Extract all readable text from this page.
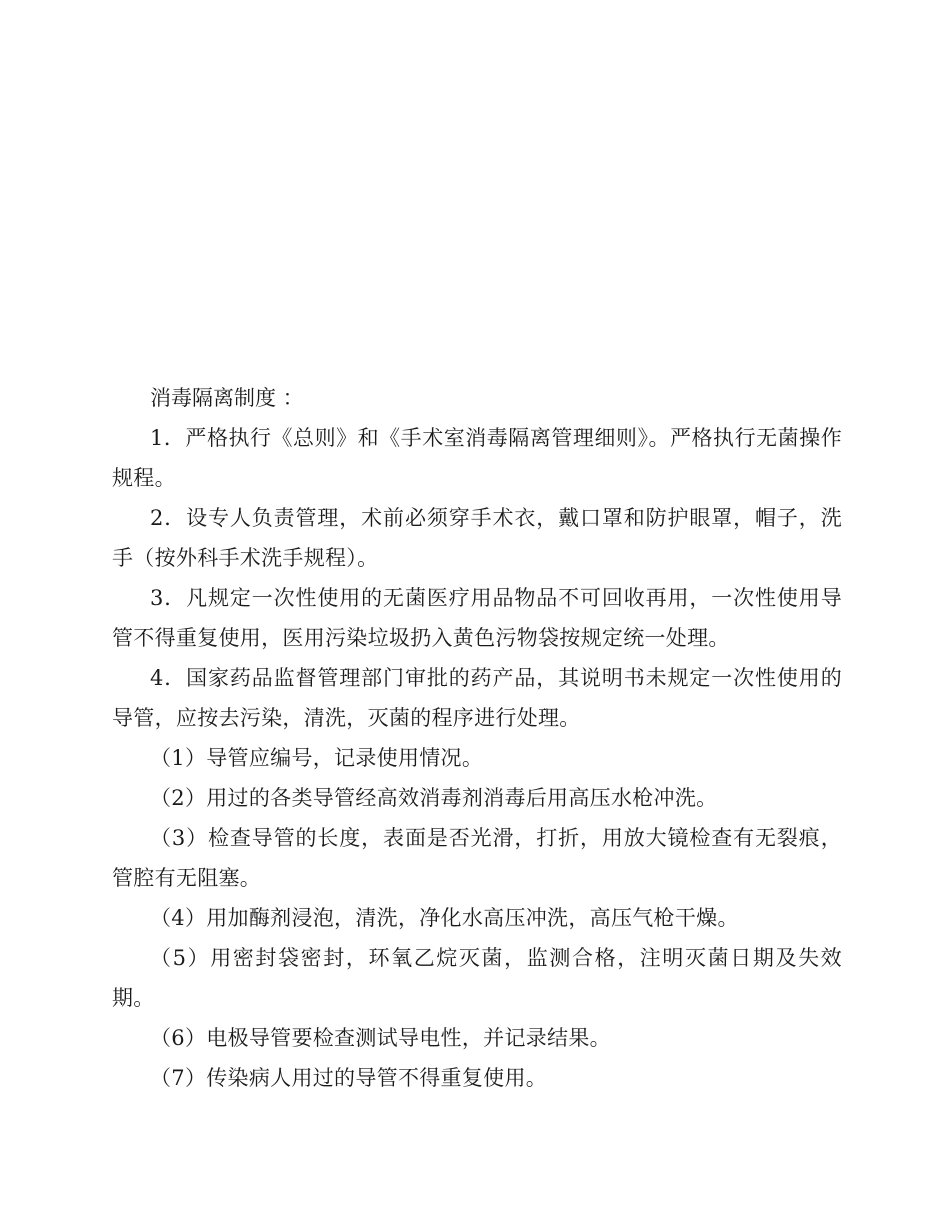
消毒隔离制度 ：

1．严格执行《总则》和《手术室消毒隔离管理细则》。严格执行无菌操作规程。

2．设专人负责管理，术前必须穿手术衣，戴口罩和防护眼罩，帽子，洗手（按外科手术洗手规程）。

3．凡规定一次性使用的无菌医疗用品物品不可回收再用，一次性使用导管不得重复使用，医用污染垃圾扔入黄色污物袋按规定统一处理。

4．国家药品监督管理部门审批的药产品，其说明书未规定一次性使用的导管，应按去污染，清洗，灭菌的程序进行处理。

（1）导管应编号，记录使用情况。

（2）用过的各类导管经高效消毒剂消毒后用高压水枪冲洗。

（3）检查导管的长度，表面是否光滑，打折，用放大镜检查有无裂痕，管腔有无阻塞。

（4）用加酶剂浸泡，清洗，净化水高压冲洗，高压气枪干燥。

（5）用密封袋密封，环氧乙烷灭菌，监测合格，注明灭菌日期及失效期。

（6）电极导管要检查测试导电性，并记录结果。

（7）传染病人用过的导管不得重复使用。
